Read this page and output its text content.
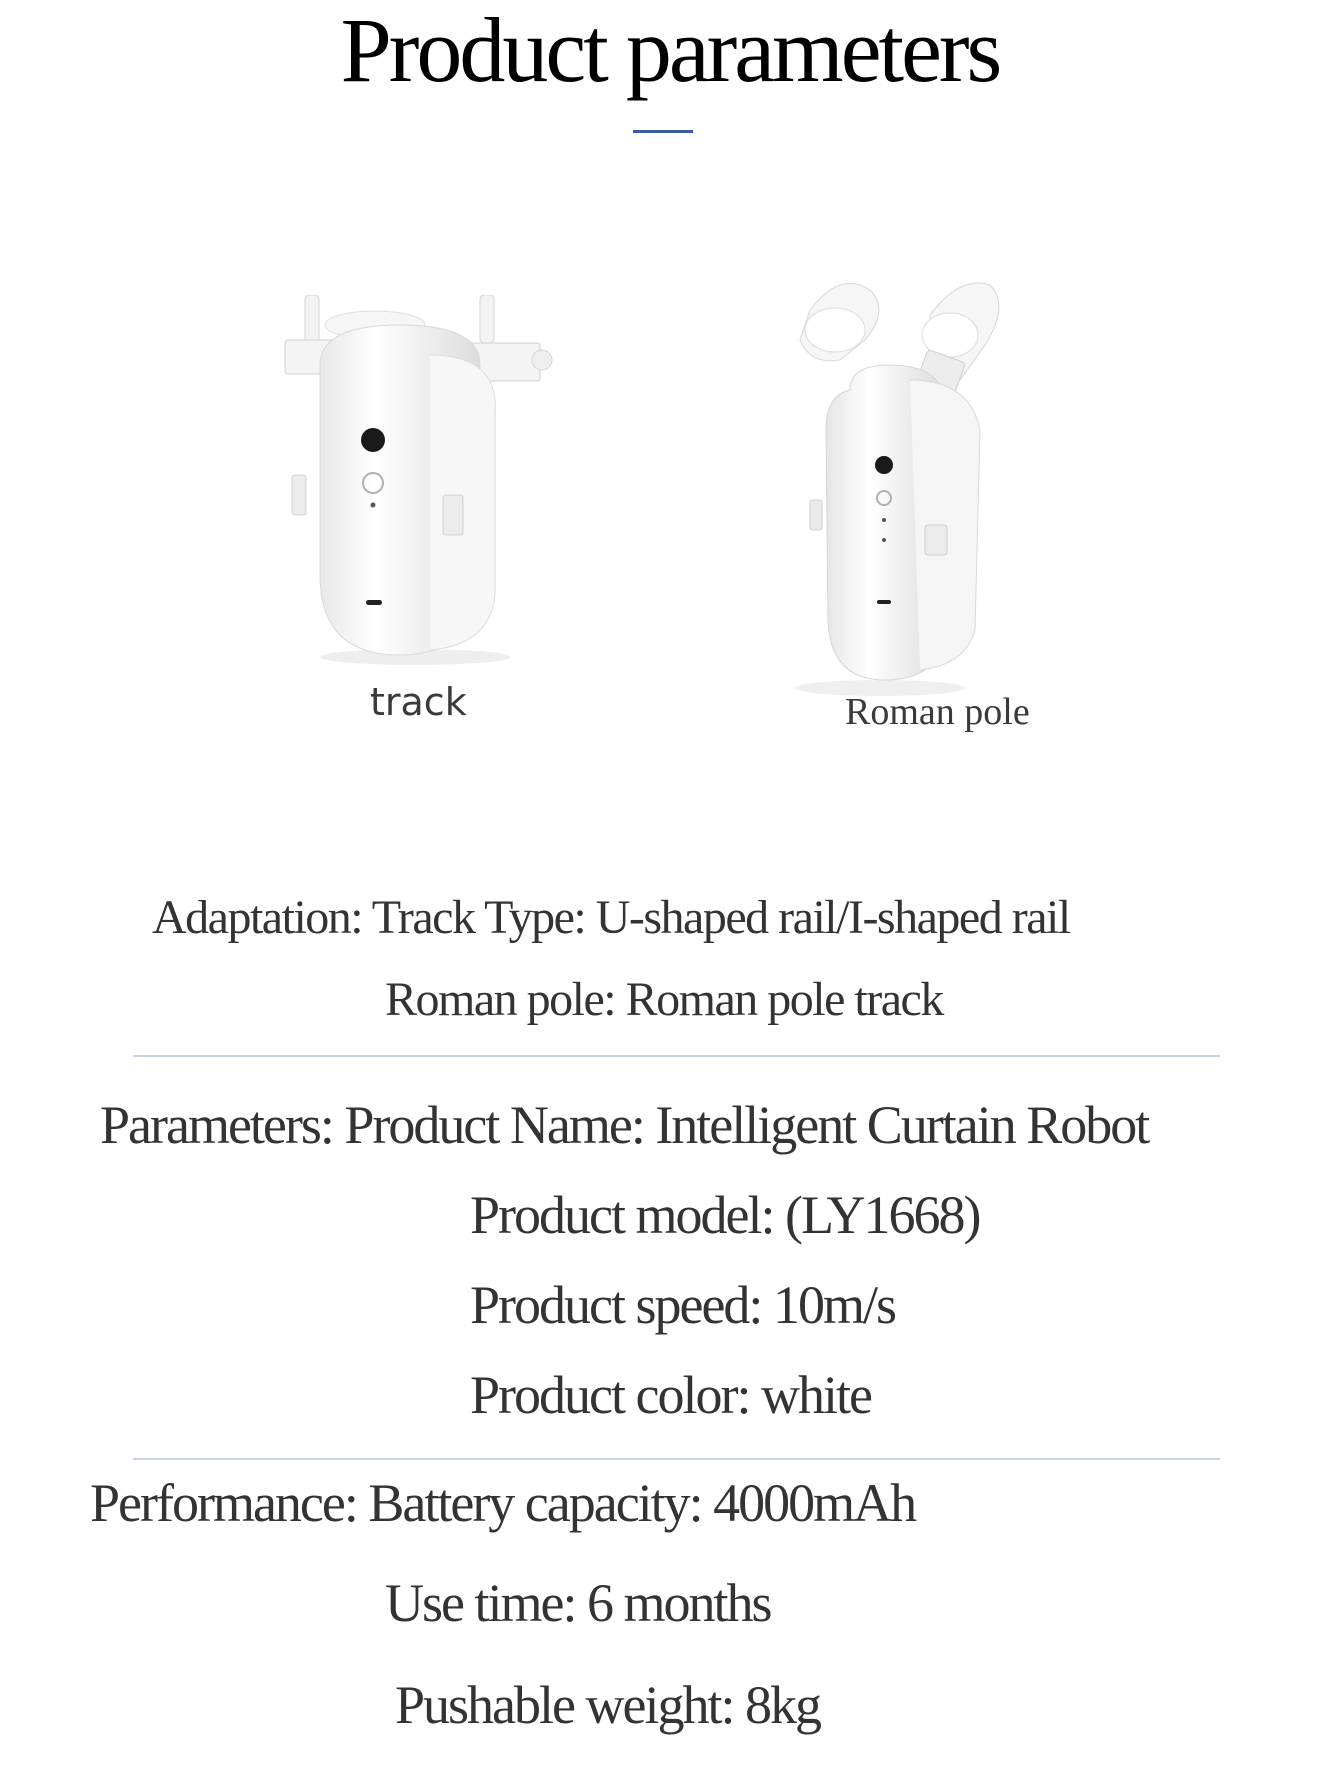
Product parameters
track	Roman pole
Adaptation: Track Type: U-shaped rail/I-shaped rail
Roman pole: Roman pole track
Parameters: Product Name: Intelligent Curtain Robot
Product model: (LY1668)
Product speed: 10m/s
Product color: white
Performance: Battery capacity: 4000mAh
Use time: 6 months
Pushable weight: 8kg
